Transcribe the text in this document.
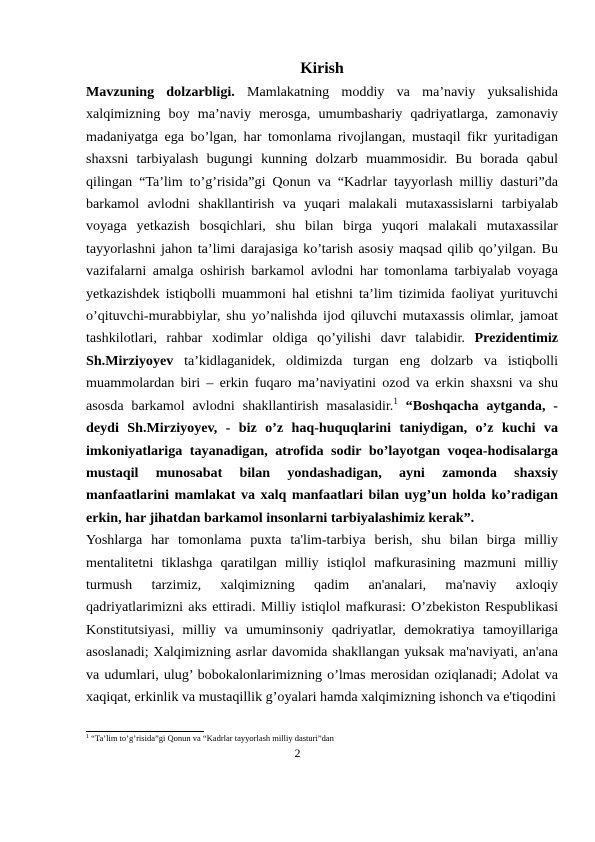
Kirish

Mavzuning dolzarbligi. Mamlakatning moddiy va ma’naviy yuksalishida xalqimizning boy ma’naviy merosga, umumbashariy qadriyatlarga, zamonaviy madaniyatga ega bo’lgan, har tomonlama rivojlangan, mustaqil fikr yuritadigan shaxsni tarbiyalash bugungi kunning dolzarb muammosidir. Bu borada qabul qilingan “Ta’lim to’g’risida”gi Qonun va “Kadrlar tayyorlash milliy dasturi”da barkamol avlodni shakllantirish va yuqari malakali mutaxassislarni tarbiyalab voyaga yetkazish bosqichlari, shu bilan birga yuqori malakali mutaxassilar tayyorlashni jahon ta’limi darajasiga ko’tarish asosiy maqsad qilib qo’yilgan. Bu vazifalarni amalga oshirish barkamol avlodni har tomonlama tarbiyalab voyaga yetkazishdek istiqbolli muammoni hal etishni ta’lim tizimida faoliyat yurituvchi o’qituvchi-murabbiylar, shu yo’nalishda ijod qiluvchi mutaxassis olimlar, jamoat tashkilotlari, rahbar xodimlar oldiga qo’yilishi davr talabidir. Prezidentimiz Sh.Mirziyoyev ta’kidlaganidek, oldimizda turgan eng dolzarb va istiqbolli muammolardan biri – erkin fuqaro ma’naviyatini ozod va erkin shaxsni va shu asosda barkamol avlodni shakllantirish masalasidir.$^1$ “Boshqacha aytganda, - deydi Sh.Mirziyoyev, - biz o’z haq-huquqlarini taniydigan, o’z kuchi va imkoniyatlariga tayanadigan, atrofida sodir bo’layotgan voqea-hodisalarga mustaqil munosabat bilan yondashadigan, ayni zamonda shaxsiy manfaatlarini mamlakat va xalq manfaatlari bilan uyg’un holda ko’radigan erkin, har jihatdan barkamol insonlarni tarbiyalashimiz kerak”.

Yoshlarga har tomonlama puxta ta'lim-tarbiya berish, shu bilan birga milliy mentalitetni tiklashga qaratilgan milliy istiqlol mafkurasining mazmuni milliy turmush tarzimiz, xalqimizning qadim an'analari, ma'naviy axloqiy qadriyatlarimizni aks ettiradi. Milliy istiqlol mafkurasi: O’zbekiston Respublikasi Konstitutsiyasi, milliy va umuminsoniy qadriyatlar, demokratiya tamoyillariga asoslanadi; Xalqimizning asrlar davomida shakllangan yuksak ma'naviyati, an'ana va udumlari, ulug’ bobokalonlarimizning o’lmas merosidan oziqlanadi; Adolat va xaqiqat, erkinlik va mustaqillik g’oyalari hamda xalqimizning ishonch va e'tiqodini

$^1$ “Ta’lim to’g’risida”gi Qonun va “Kadrlar tayyorlash milliy dasturi”dan
2
